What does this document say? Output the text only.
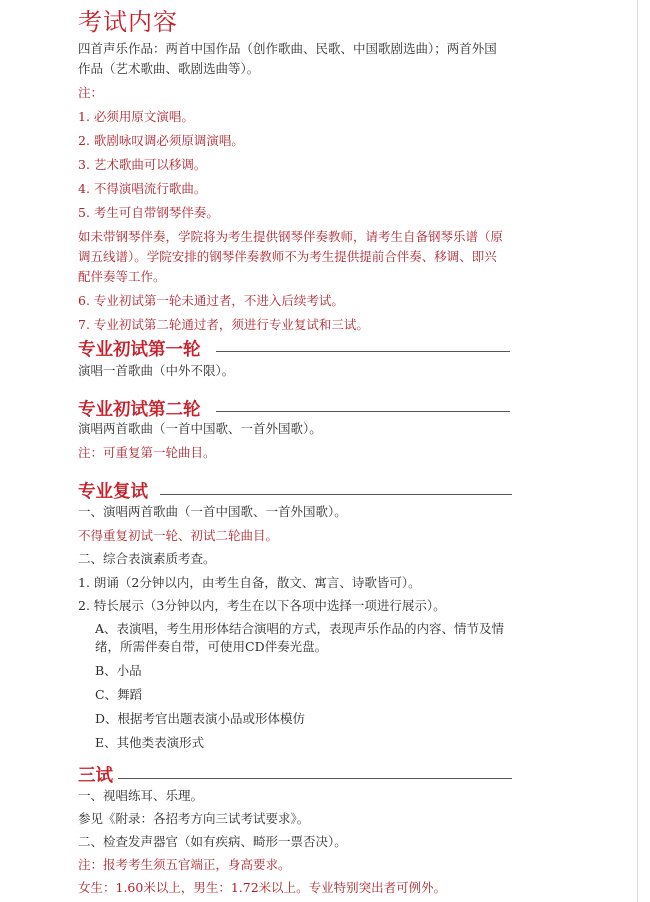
考试内容
四首声乐作品：两首中国作品（创作歌曲、民歌、中国歌剧选曲）；两首外国
作品（艺术歌曲、歌剧选曲等）。
注：
1. 必须用原文演唱。
2. 歌剧咏叹调必须原调演唱。
3. 艺术歌曲可以移调。
4. 不得演唱流行歌曲。
5. 考生可自带钢琴伴奏。
如未带钢琴伴奏，学院将为考生提供钢琴伴奏教师，请考生自备钢琴乐谱（原
调五线谱）。学院安排的钢琴伴奏教师不为考生提供提前合伴奏、移调、即兴
配伴奏等工作。
6. 专业初试第一轮未通过者，不进入后续考试。
7. 专业初试第二轮通过者，须进行专业复试和三试。
专业初试第一轮
演唱一首歌曲（中外不限）。
专业初试第二轮
演唱两首歌曲（一首中国歌、一首外国歌）。
注：可重复第一轮曲目。
专业复试
一、演唱两首歌曲（一首中国歌、一首外国歌）。
不得重复初试一轮、初试二轮曲目。
二、综合表演素质考查。
1. 朗诵（2分钟以内，由考生自备，散文、寓言、诗歌皆可）。
2. 特长展示（3分钟以内，考生在以下各项中选择一项进行展示）。
A、表演唱，考生用形体结合演唱的方式，表现声乐作品的内容、情节及情
绪，所需伴奏自带，可使用CD伴奏光盘。
B、小品
C、舞蹈
D、根据考官出题表演小品或形体模仿
E、其他类表演形式
三试
一、视唱练耳、乐理。
参见《附录：各招考方向三试考试要求》。
二、检查发声器官（如有疾病、畸形一票否决）。
注：报考考生须五官端正，身高要求。
女生：1.60米以上，男生：1.72米以上。专业特别突出者可例外。
